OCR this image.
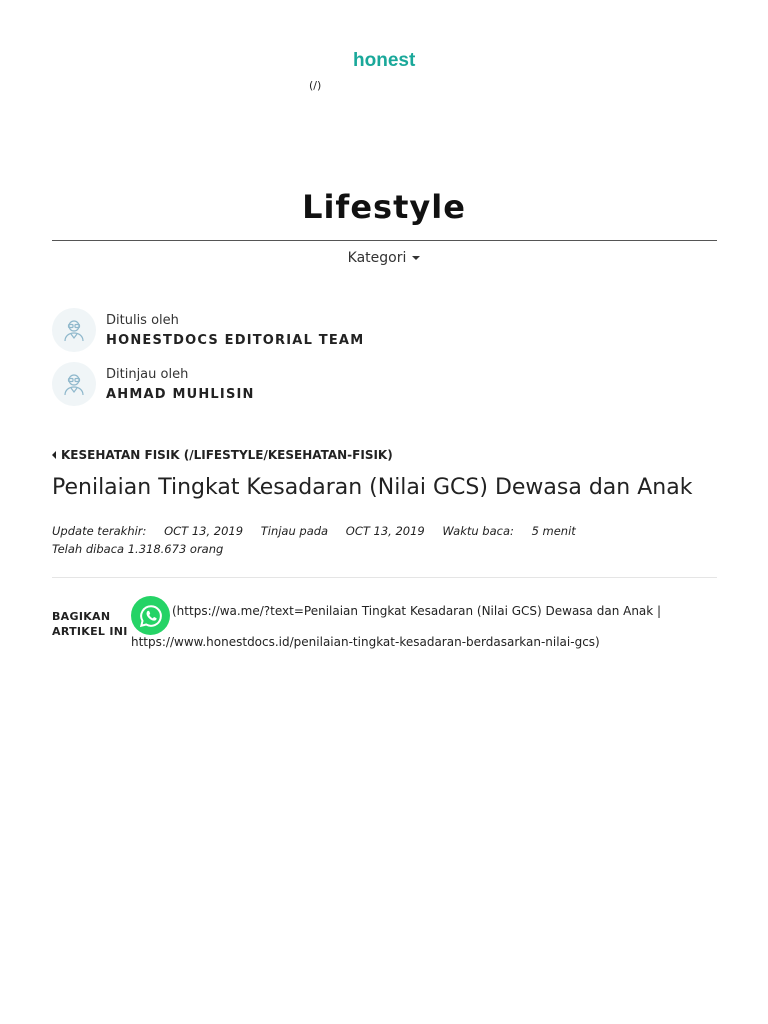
honest
(/)
Lifestyle
Kategori
Ditulis oleh
HONESTDOCS EDITORIAL TEAM
Ditinjau oleh
AHMAD MUHLISIN
KESEHATAN FISIK (/LIFESTYLE/KESEHATAN-FISIK)
Penilaian Tingkat Kesadaran (Nilai GCS) Dewasa dan Anak
Update terakhir: OCT 13, 2019 Tinjau pada OCT 13, 2019 Waktu baca: 5 menit
Telah dibaca 1.318.673 orang
BAGIKAN
ARTIKEL INI
(https://wa.me/?text=Penilaian Tingkat Kesadaran (Nilai GCS) Dewasa dan Anak |
https://www.honestdocs.id/penilaian-tingkat-kesadaran-berdasarkan-nilai-gcs)
